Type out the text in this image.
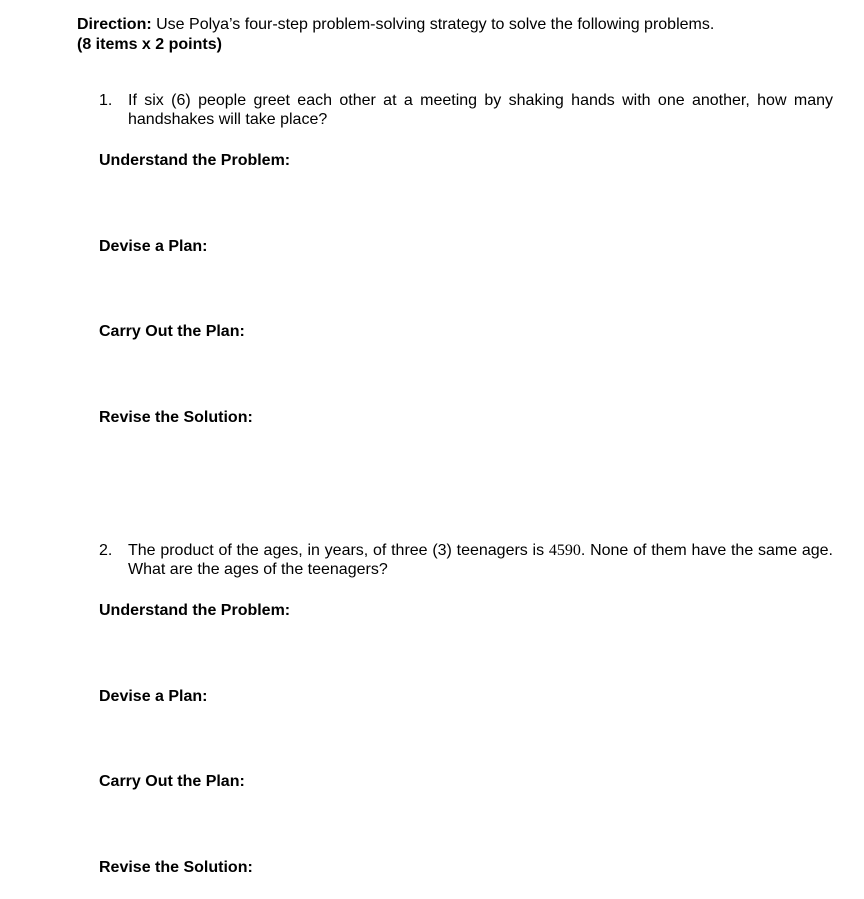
Direction: Use Polya’s four-step problem-solving strategy to solve the following problems.
(8 items x 2 points)
1. If six (6) people greet each other at a meeting by shaking hands with one another, how many handshakes will take place?
Understand the Problem:
Devise a Plan:
Carry Out the Plan:
Revise the Solution:
2. The product of the ages, in years, of three (3) teenagers is 4590. None of them have the same age. What are the ages of the teenagers?
Understand the Problem:
Devise a Plan:
Carry Out the Plan:
Revise the Solution:
